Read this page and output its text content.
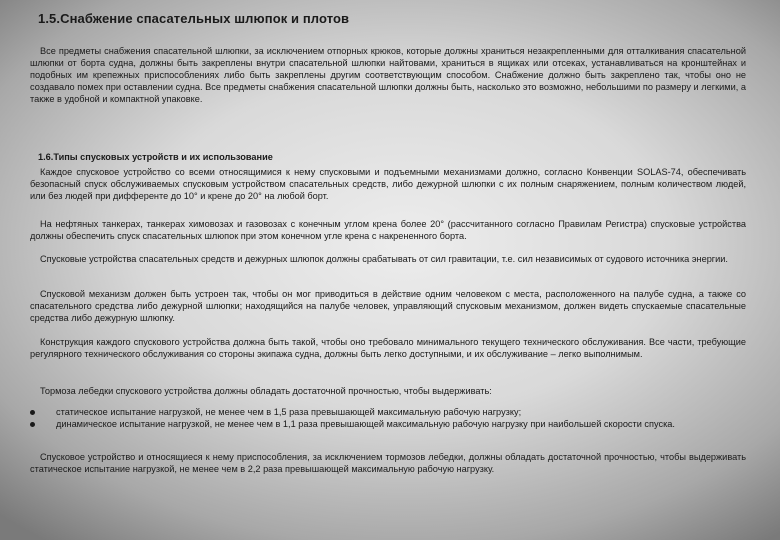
1.5.Снабжение спасательных шлюпок и плотов

Все предметы снабжения спасательной шлюпки, за исключением отпорных крюков, которые должны храниться незакрепленными для отталкивания спасательной шлюпки от борта судна, должны быть закреплены внутри спасательной шлюпки найтовами, храниться в ящиках или отсеках, устанавливаться на кронштейнах и подобных им крепежных приспособлениях либо быть закреплены другим соответствующим способом. Снабжение должно быть закреплено так, чтобы оно не создавало помех при оставлении судна. Все предметы снабжения спасательной шлюпки должны быть, насколько это возможно, небольшими по размеру и легкими, а также в удобной и компактной упаковке.

1.6.Типы спусковых устройств и их использование

Каждое спусковое устройство со всеми относящимися к нему спусковыми и подъемными механизмами должно, согласно Конвенции SOLAS-74, обеспечивать безопасный спуск обслуживаемых спусковым устройством спасательных средств, либо дежурной шлюпки с их полным снаряжением, полным количеством людей, или без людей при дифференте до 10° и крене до 20° на любой борт.

На нефтяных танкерах, танкерах химовозах и газовозах с конечным углом крена более 20° (рассчитанного согласно Правилам Регистра) спусковые устройства должны обеспечить спуск спасательных шлюпок при этом конечном угле крена с накрененного борта.

Спусковые устройства спасательных средств и дежурных шлюпок должны срабатывать от сил гравитации, т.е. сил независимых от судового источника энергии.

Спусковой механизм должен быть устроен так, чтобы он мог приводиться в действие одним человеком с места, расположенного на палубе судна, а также со спасательного средства либо дежурной шлюпки; находящийся на палубе человек, управляющий спусковым механизмом, должен видеть спускаемые спасательные средства либо дежурную шлюпку.

Конструкция каждого спускового устройства должна быть такой, чтобы оно требовало минимального текущего технического обслуживания. Все части, требующие регулярного технического обслуживания со стороны экипажа судна, должны быть легко доступными, и их обслуживание – легко выполнимым.

Тормоза лебедки спускового устройства должны обладать достаточной прочностью, чтобы выдерживать:

статическое испытание нагрузкой, не менее чем в 1,5 раза превышающей максимальную рабочую нагрузку;
динамическое испытание нагрузкой, не менее чем в 1,1 раза превышающей максимальную рабочую нагрузку при наибольшей скорости спуска.

Спусковое устройство и относящиеся к нему приспособления, за исключением тормозов лебедки, должны обладать достаточной прочностью, чтобы выдерживать статическое испытание нагрузкой, не менее чем в 2,2 раза превышающей максимальную рабочую нагрузку.
